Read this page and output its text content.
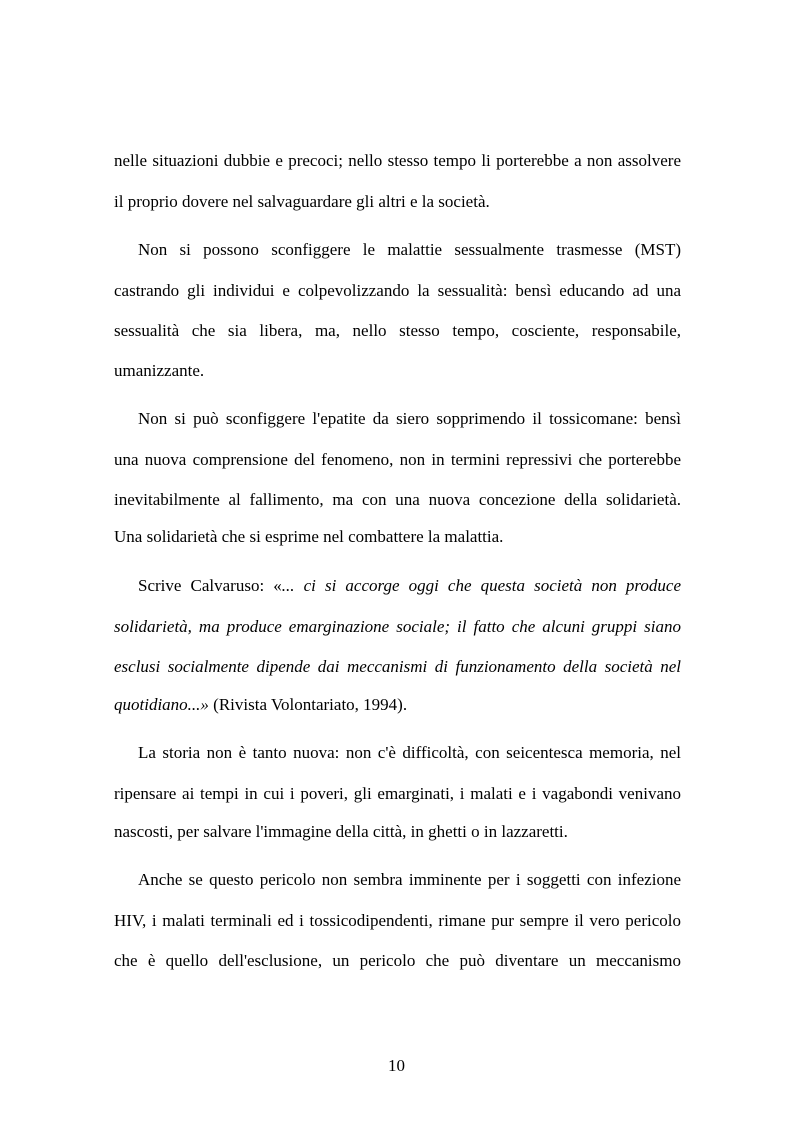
nelle situazioni dubbie e precoci; nello stesso tempo li porterebbe a non assolvere
il proprio dovere nel salvaguardare gli altri e la società.
Non si possono sconfiggere le malattie sessualmente trasmesse (MST)
castrando gli individui e colpevolizzando la sessualità: bensì educando ad una
sessualità che sia libera, ma, nello stesso tempo, cosciente, responsabile,
umanizzante.
Non si può sconfiggere l'epatite da siero sopprimendo il tossicomane: bensì
una nuova comprensione del fenomeno, non in termini repressivi che porterebbe
inevitabilmente al fallimento, ma con una nuova concezione della solidarietà.
Una solidarietà che si esprime nel combattere la malattia.
Scrive Calvaruso: «... ci si accorge oggi che questa società non produce
solidarietà, ma produce emarginazione sociale; il fatto che alcuni gruppi siano
esclusi socialmente dipende dai meccanismi di funzionamento della società nel
quotidiano...» (Rivista Volontariato, 1994).
La storia non è tanto nuova: non c'è difficoltà, con seicentesca memoria, nel
ripensare ai tempi in cui i poveri, gli emarginati, i malati e i vagabondi venivano
nascosti, per salvare l'immagine della città, in ghetti o in lazzaretti.
Anche se questo pericolo non sembra imminente per i soggetti con infezione
HIV, i malati terminali ed i tossicodipendenti, rimane pur sempre il vero pericolo
che è quello dell'esclusione, un pericolo che può diventare un meccanismo
10
